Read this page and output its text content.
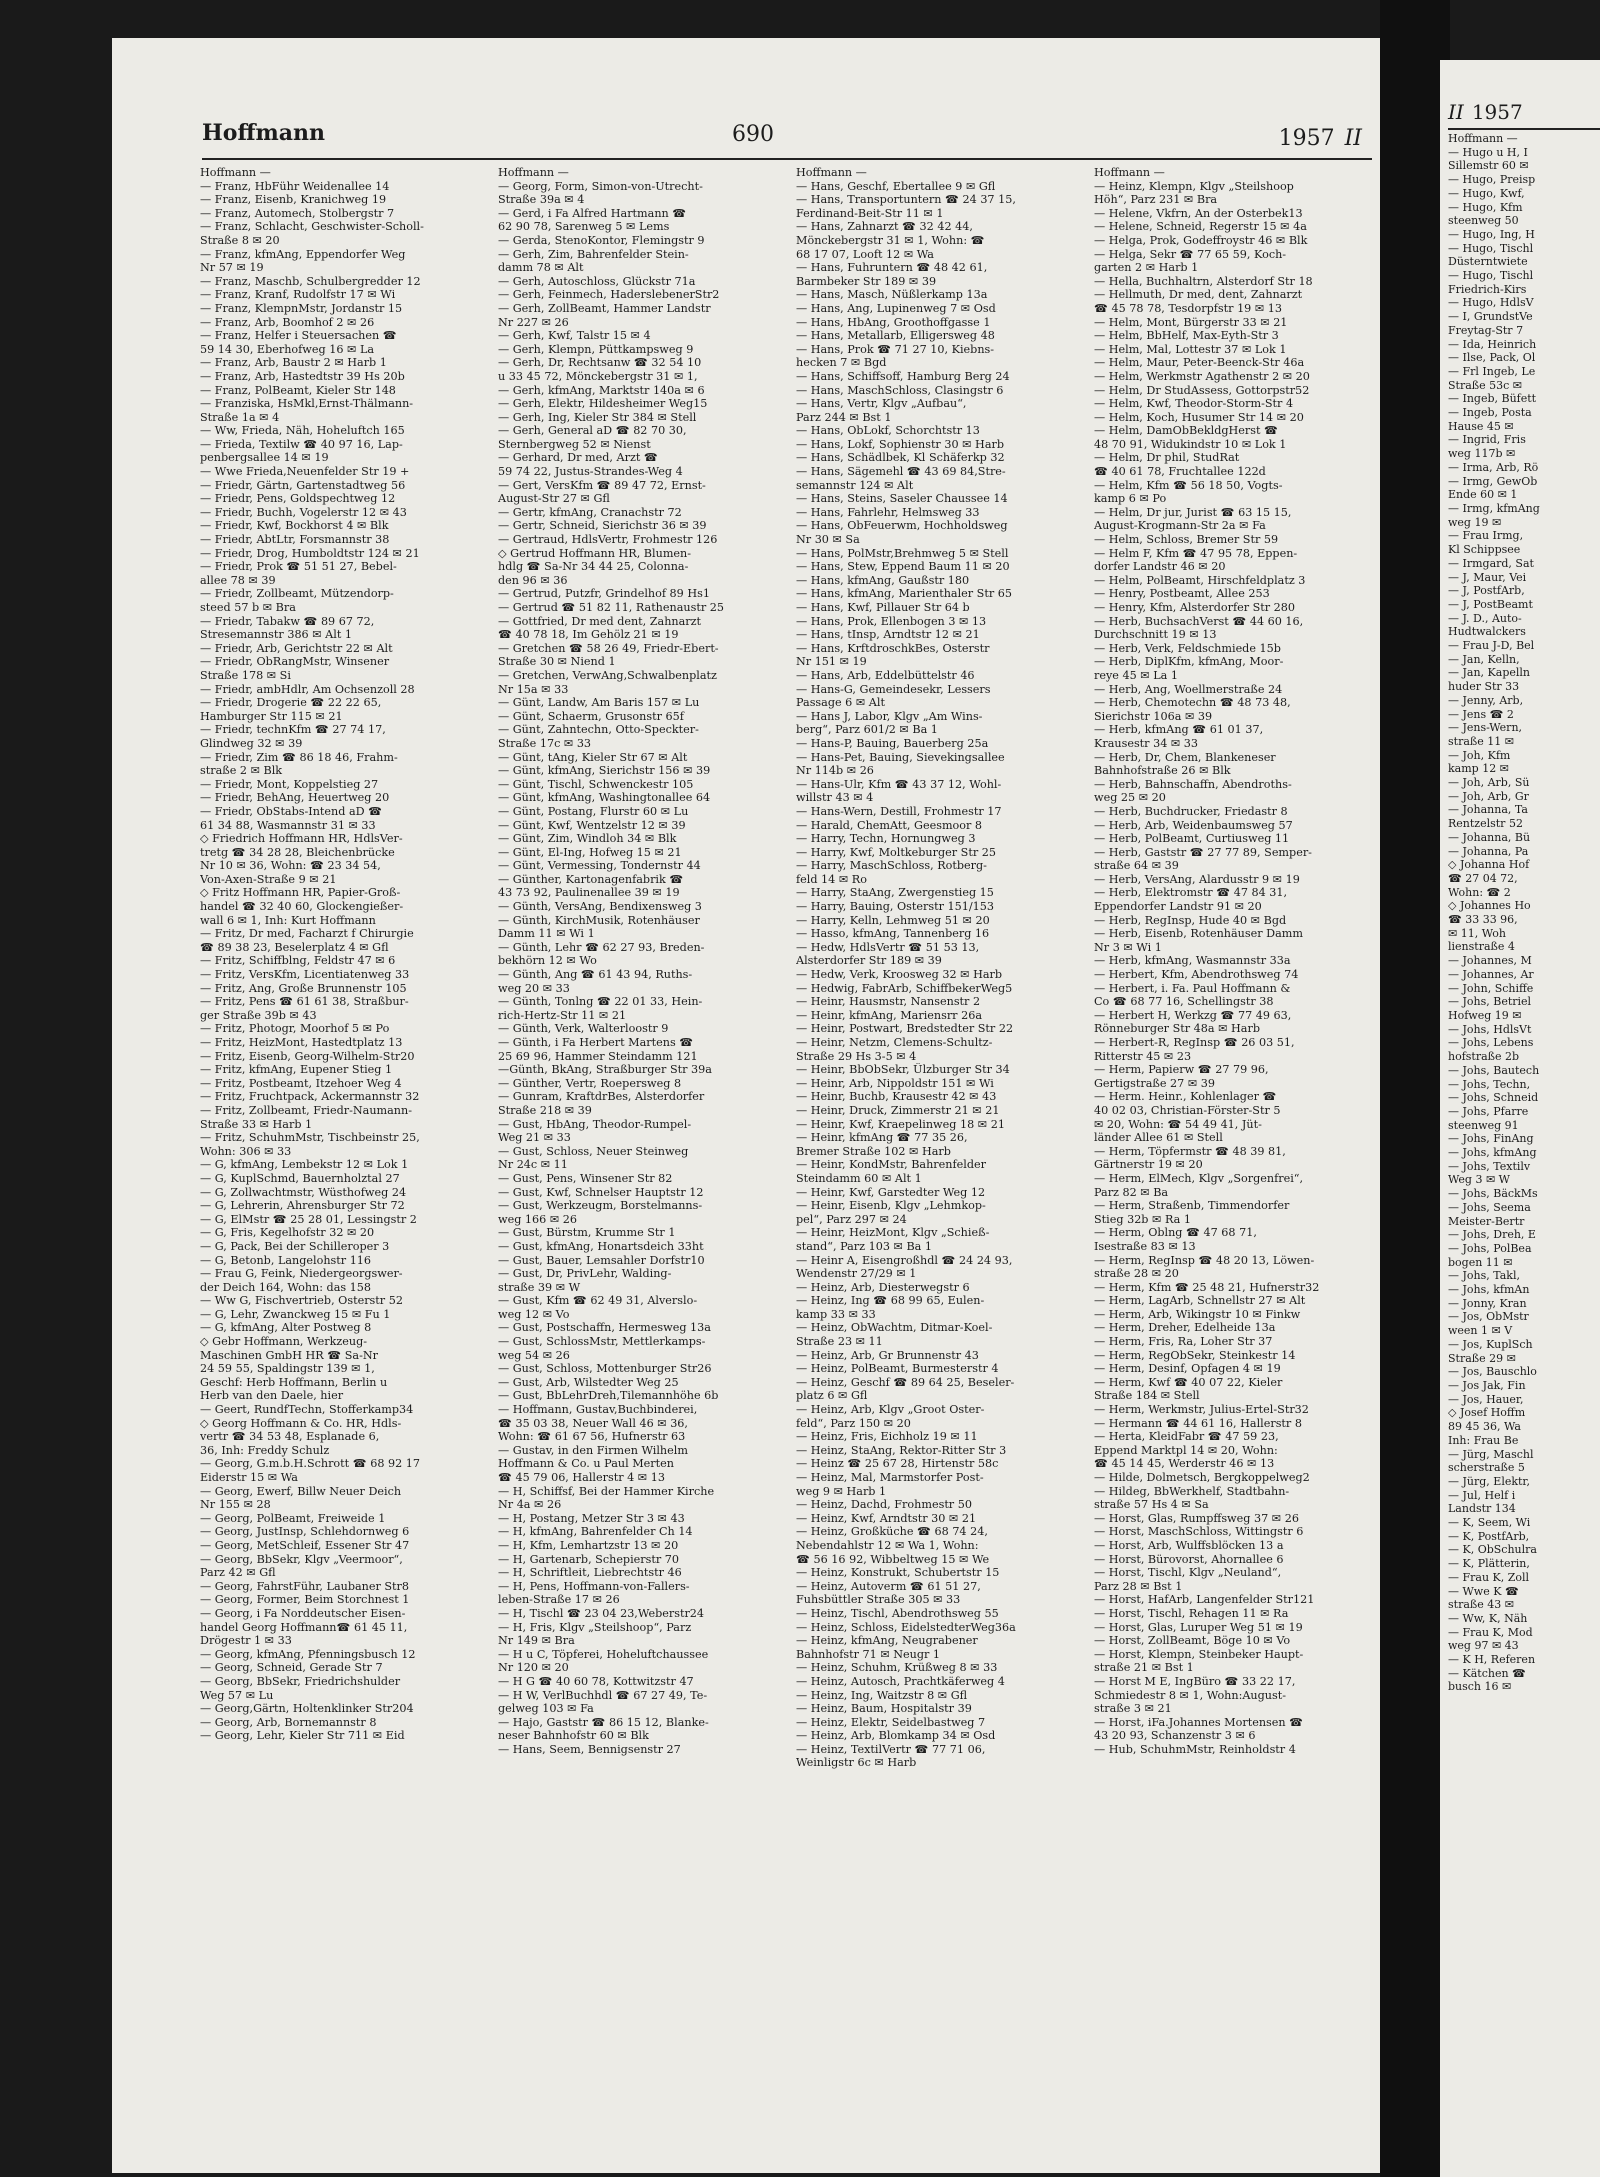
Hoffmann	690	1957 II

Hoffmann —

— Franz, HbFühr Weidenallee 14

— Franz, Eisenb, Kranichweg 19

— Franz, Automech, Stolbergstr 7

— Franz, Schlacht, Geschwister-Scholl-

Straße 8 ✉ 20

— Franz, kfmAng, Eppendorfer Weg

Nr 57 ✉ 19

— Franz, Maschb, Schulbergredder 12

— Franz, Kranf, Rudolfstr 17 ✉ Wi

— Franz, KlempnMstr, Jordanstr 15

— Franz, Arb, Boomhof 2 ✉ 26

— Franz, Helfer i Steuersachen ☎

59 14 30, Eberhofweg 16 ✉ La

— Franz, Arb, Baustr 2 ✉ Harb 1

— Franz, Arb, Hastedtstr 39 Hs 20b

— Franz, PolBeamt, Kieler Str 148

— Franziska, HsMkl,Ernst-Thälmann-

Straße 1a ✉ 4

— Ww, Frieda, Näh, Hoheluftch 165

— Frieda, Textilw ☎ 40 97 16, Lap-

penbergsallee 14 ✉ 19

— Wwe Frieda,Neuenfelder Str 19 +

— Friedr, Gärtn, Gartenstadtweg 56

— Friedr, Pens, Goldspechtweg 12

— Friedr, Buchh, Vogelerstr 12 ✉ 43

— Friedr, Kwf, Bockhorst 4 ✉ Blk

— Friedr, AbtLtr, Forsmannstr 38

— Friedr, Drog, Humboldtstr 124 ✉ 21

— Friedr, Prok ☎ 51 51 27, Bebel-

allee 78 ✉ 39

— Friedr, Zollbeamt, Mützendorp-

steed 57 b ✉ Bra

— Friedr, Tabakw ☎ 89 67 72,

Stresemannstr 386 ✉ Alt 1

— Friedr, Arb, Gerichtstr 22 ✉ Alt

— Friedr, ObRangMstr, Winsener

Straße 178 ✉ Si

— Friedr, ambHdlr, Am Ochsenzoll 28

— Friedr, Drogerie ☎ 22 22 65,

Hamburger Str 115 ✉ 21

— Friedr, technKfm ☎ 27 74 17,

Glindweg 32 ✉ 39

— Friedr, Zim ☎ 86 18 46, Frahm-

straße 2 ✉ Blk

— Friedr, Mont, Koppelstieg 27

— Friedr, BehAng, Heuertweg 20

— Friedr, ObStabs-Intend aD ☎

61 34 88, Wasmannstr 31 ✉ 33

◇ Friedrich Hoffmann HR, HdlsVer-

tretg ☎ 34 28 28, Bleichenbrücke

Nr 10 ✉ 36, Wohn: ☎ 23 34 54,

Von-Axen-Straße 9 ✉ 21

◇ Fritz Hoffmann HR, Papier-Groß-

handel ☎ 32 40 60, Glockengießer-

wall 6 ✉ 1, Inh: Kurt Hoffmann

— Fritz, Dr med, Facharzt f Chirurgie

☎ 89 38 23, Beselerplatz 4 ✉ Gfl

— Fritz, Schiffblng, Feldstr 47 ✉ 6

— Fritz, VersKfm, Licentiatenweg 33

— Fritz, Ang, Große Brunnenstr 105

— Fritz, Pens ☎ 61 61 38, Straßbur-

ger Straße 39b ✉ 43

— Fritz, Photogr, Moorhof 5 ✉ Po

— Fritz, HeizMont, Hastedtplatz 13

— Fritz, Eisenb, Georg-Wilhelm-Str20

— Fritz, kfmAng, Eupener Stieg 1

— Fritz, Postbeamt, Itzehoer Weg 4

— Fritz, Fruchtpack, Ackermannstr 32

— Fritz, Zollbeamt, Friedr-Naumann-

Straße 33 ✉ Harb 1

— Fritz, SchuhmMstr, Tischbeinstr 25,

Wohn: 306 ✉ 33

— G, kfmAng, Lembekstr 12 ✉ Lok 1

— G, KuplSchmd, Bauernholztal 27

— G, Zollwachtmstr, Wüsthofweg 24

— G, Lehrerin, Ahrensburger Str 72

— G, ElMstr ☎ 25 28 01, Lessingstr 2

— G, Fris, Kegelhofstr 32 ✉ 20

— G, Pack, Bei der Schilleroper 3

— G, Betonb, Langelohstr 116

— Frau G, Feink, Niedergeorgswer-

der Deich 164, Wohn: das 158

— Ww G, Fischvertrieb, Osterstr 52

— G, Lehr, Zwanckweg 15 ✉ Fu 1

— G, kfmAng, Alter Postweg 8

◇ Gebr Hoffmann, Werkzeug-

Maschinen GmbH HR ☎ Sa-Nr

24 59 55, Spaldingstr 139 ✉ 1,

Geschf: Herb Hoffmann, Berlin u

Herb van den Daele, hier

— Geert, RundfTechn, Stofferkamp34

◇ Georg Hoffmann & Co. HR, Hdls-

vertr ☎ 34 53 48, Esplanade 6,

36, Inh: Freddy Schulz

— Georg, G.m.b.H.Schrott ☎ 68 92 17

Eiderstr 15 ✉ Wa

— Georg, Ewerf, Billw Neuer Deich

Nr 155 ✉ 28

— Georg, PolBeamt, Freiweide 1

— Georg, JustInsp, Schlehdornweg 6

— Georg, MetSchleif, Essener Str 47

— Georg, BbSekr, Klgv „Veermoor“,

Parz 42 ✉ Gfl

— Georg, FahrstFühr, Laubaner Str8

— Georg, Former, Beim Storchnest 1

— Georg, i Fa Norddeutscher Eisen-

handel Georg Hoffmann☎ 61 45 11,

Drögestr 1 ✉ 33

— Georg, kfmAng, Pfenningsbusch 12

— Georg, Schneid, Gerade Str 7

— Georg, BbSekr, Friedrichshulder

Weg 57 ✉ Lu

— Georg,Gärtn, Holtenklinker Str204

— Georg, Arb, Bornemannstr 8

— Georg, Lehr, Kieler Str 711 ✉ Eid

Hoffmann —

— Georg, Form, Simon-von-Utrecht-

Straße 39a ✉ 4

— Gerd, i Fa Alfred Hartmann ☎

62 90 78, Sarenweg 5 ✉ Lems

— Gerda, StenoKontor, Flemingstr 9

— Gerh, Zim, Bahrenfelder Stein-

damm 78 ✉ Alt

— Gerh, Autoschloss, Glückstr 71a

— Gerh, Feinmech, HaderslebenerStr2

— Gerh, ZollBeamt, Hammer Landstr

Nr 227 ✉ 26

— Gerh, Kwf, Talstr 15 ✉ 4

— Gerh, Klempn, Püttkampsweg 9

— Gerh, Dr, Rechtsanw ☎ 32 54 10

u 33 45 72, Mönckebergstr 31 ✉ 1,

— Gerh, kfmAng, Marktstr 140a ✉ 6

— Gerh, Elektr, Hildesheimer Weg15

— Gerh, Ing, Kieler Str 384 ✉ Stell

— Gerh, General aD ☎ 82 70 30,

Sternbergweg 52 ✉ Nienst

— Gerhard, Dr med, Arzt ☎

59 74 22, Justus-Strandes-Weg 4

— Gert, VersKfm ☎ 89 47 72, Ernst-

August-Str 27 ✉ Gfl

— Gertr, kfmAng, Cranachstr 72

— Gertr, Schneid, Sierichstr 36 ✉ 39

— Gertraud, HdlsVertr, Frohmestr 126

◇ Gertrud Hoffmann HR, Blumen-

hdlg ☎ Sa-Nr 34 44 25, Colonna-

den 96 ✉ 36

— Gertrud, Putzfr, Grindelhof 89 Hs1

— Gertrud ☎ 51 82 11, Rathenaustr 25

— Gottfried, Dr med dent, Zahnarzt

☎ 40 78 18, Im Gehölz 21 ✉ 19

— Gretchen ☎ 58 26 49, Friedr-Ebert-

Straße 30 ✉ Niend 1

— Gretchen, VerwAng,Schwalbenplatz

Nr 15a ✉ 33

— Günt, Landw, Am Baris 157 ✉ Lu

— Günt, Schaerm, Grusonstr 65f

— Günt, Zahntechn, Otto-Speckter-

Straße 17c ✉ 33

— Günt, tAng, Kieler Str 67 ✉ Alt

— Günt, kfmAng, Sierichstr 156 ✉ 39

— Günt, Tischl, Schwenckestr 105

— Günt, kfmAng, Washingtonallee 64

— Günt, Postang, Flurstr 60 ✉ Lu

— Günt, Kwf, Wentzelstr 12 ✉ 39

— Günt, Zim, Windloh 34 ✉ Blk

— Günt, El-Ing, Hofweg 15 ✉ 21

— Günt, Vermessing, Tondernstr 44

— Günther, Kartonagenfabrik ☎

43 73 92, Paulinenallee 39 ✉ 19

— Günth, VersAng, Bendixensweg 3

— Günth, KirchMusik, Rotenhäuser

Damm 11 ✉ Wi 1

— Günth, Lehr ☎ 62 27 93, Breden-

bekhörn 12 ✉ Wo

— Günth, Ang ☎ 61 43 94, Ruths-

weg 20 ✉ 33

— Günth, Tonlng ☎ 22 01 33, Hein-

rich-Hertz-Str 11 ✉ 21

— Günth, Verk, Walterloostr 9

— Günth, i Fa Herbert Martens ☎

25 69 96, Hammer Steindamm 121

—Günth, BkAng, Straßburger Str 39a

— Günther, Vertr, Roepersweg 8

— Gunram, KraftdrBes, Alsterdorfer

Straße 218 ✉ 39

— Gust, HbAng, Theodor-Rumpel-

Weg 21 ✉ 33

— Gust, Schloss, Neuer Steinweg

Nr 24c ✉ 11

— Gust, Pens, Winsener Str 82

— Gust, Kwf, Schnelser Hauptstr 12

— Gust, Werkzeugm, Borstelmanns-

weg 166 ✉ 26

— Gust, Bürstm, Krumme Str 1

— Gust, kfmAng, Honartsdeich 33ht

— Gust, Bauer, Lemsahler Dorfstr10

— Gust, Dr, PrivLehr, Walding-

straße 39 ✉ W

— Gust, Kfm ☎ 62 49 31, Alverslo-

weg 12 ✉ Vo

— Gust, Postschaffn, Hermesweg 13a

— Gust, SchlossMstr, Mettlerkamps-

weg 54 ✉ 26

— Gust, Schloss, Mottenburger Str26

— Gust, Arb, Wilstedter Weg 25

— Gust, BbLehrDreh,Tilemannhöhe 6b

— Hoffmann, Gustav,Buchbinderei,

☎ 35 03 38, Neuer Wall 46 ✉ 36,

Wohn: ☎ 61 67 56, Hufnerstr 63

— Gustav, in den Firmen Wilhelm

Hoffmann & Co. u Paul Merten

☎ 45 79 06, Hallerstr 4 ✉ 13

— H, Schiffsf, Bei der Hammer Kirche

Nr 4a ✉ 26

— H, Postang, Metzer Str 3 ✉ 43

— H, kfmAng, Bahrenfelder Ch 14

— H, Kfm, Lemhartzstr 13 ✉ 20

— H, Gartenarb, Schepierstr 70

— H, Schriftleit, Liebrechtstr 46

— H, Pens, Hoffmann-von-Fallers-

leben-Straße 17 ✉ 26

— H, Tischl ☎ 23 04 23,Weberstr24

— H, Fris, Klgv „Steilshoop“, Parz

Nr 149 ✉ Bra

— H u C, Töpferei, Hoheluftchaussee

Nr 120 ✉ 20

— H G ☎ 40 60 78, Kottwitzstr 47

— H W, VerlBuchhdl ☎ 67 27 49, Te-

gelweg 103 ✉ Fa

— Hajo, Gaststr ☎ 86 15 12, Blanke-

neser Bahnhofstr 60 ✉ Blk

— Hans, Seem, Bennigsenstr 27

Hoffmann —

— Hans, Geschf, Ebertallee 9 ✉ Gfl

— Hans, Transportuntern ☎ 24 37 15,

Ferdinand-Beit-Str 11 ✉ 1

— Hans, Zahnarzt ☎ 32 42 44,

Mönckebergstr 31 ✉ 1, Wohn: ☎

68 17 07, Looft 12 ✉ Wa

— Hans, Fuhruntern ☎ 48 42 61,

Barmbeker Str 189 ✉ 39

— Hans, Masch, Nüßlerkamp 13a

— Hans, Ang, Lupinenweg 7 ✉ Osd

— Hans, HbAng, Groothoffgasse 1

— Hans, Metallarb, Elligersweg 48

— Hans, Prok ☎ 71 27 10, Kiebns-

hecken 7 ✉ Bgd

— Hans, Schiffsoff, Hamburg Berg 24

— Hans, MaschSchloss, Clasingstr 6

— Hans, Vertr, Klgv „Aufbau“,

Parz 244 ✉ Bst 1

— Hans, ObLokf, Schorchtstr 13

— Hans, Lokf, Sophienstr 30 ✉ Harb

— Hans, Schädlbek, Kl Schäferkp 32

— Hans, Sägemehl ☎ 43 69 84,Stre-

semannstr 124 ✉ Alt

— Hans, Steins, Saseler Chaussee 14

— Hans, Fahrlehr, Helmsweg 33

— Hans, ObFeuerwm, Hochholdsweg

Nr 30 ✉ Sa

— Hans, PolMstr,Brehmweg 5 ✉ Stell

— Hans, Stew, Eppend Baum 11 ✉ 20

— Hans, kfmAng, Gaußstr 180

— Hans, kfmAng, Marienthaler Str 65

— Hans, Kwf, Pillauer Str 64 b

— Hans, Prok, Ellenbogen 3 ✉ 13

— Hans, tInsp, Arndtstr 12 ✉ 21

— Hans, KrftdroschkBes, Osterstr

Nr 151 ✉ 19

— Hans, Arb, Eddelbüttelstr 46

— Hans-G, Gemeindesekr, Lessers

Passage 6 ✉ Alt

— Hans J, Labor, Klgv „Am Wins-

berg“, Parz 601/2 ✉ Ba 1

— Hans-P, Bauing, Bauerberg 25a

— Hans-Pet, Bauing, Sievekingsallee

Nr 114b ✉ 26

— Hans-Ulr, Kfm ☎ 43 37 12, Wohl-

willstr 43 ✉ 4

— Hans-Wern, Destill, Frohmestr 17

— Harald, ChemAtt, Geesmoor 8

— Harry, Techn, Hornungweg 3

— Harry, Kwf, Moltkeburger Str 25

— Harry, MaschSchloss, Rotberg-

feld 14 ✉ Ro

— Harry, StaAng, Zwergenstieg 15

— Harry, Bauing, Osterstr 151/153

— Harry, Kelln, Lehmweg 51 ✉ 20

— Hasso, kfmAng, Tannenberg 16

— Hedw, HdlsVertr ☎ 51 53 13,

Alsterdorfer Str 189 ✉ 39

— Hedw, Verk, Kroosweg 32 ✉ Harb

— Hedwig, FabrArb, SchiffbekerWeg5

— Heinr, Hausmstr, Nansenstr 2

— Heinr, kfmAng, Mariensrr 26a

— Heinr, Postwart, Bredstedter Str 22

— Heinr, Netzm, Clemens-Schultz-

Straße 29 Hs 3-5 ✉ 4

— Heinr, BbObSekr, Ülzburger Str 34

— Heinr, Arb, Nippoldstr 151 ✉ Wi

— Heinr, Buchb, Krausestr 42 ✉ 43

— Heinr, Druck, Zimmerstr 21 ✉ 21

— Heinr, Kwf, Kraepelinweg 18 ✉ 21

— Heinr, kfmAng ☎ 77 35 26,

Bremer Straße 102 ✉ Harb

— Heinr, KondMstr, Bahrenfelder

Steindamm 60 ✉ Alt 1

— Heinr, Kwf, Garstedter Weg 12

— Heinr, Eisenb, Klgv „Lehmkop-

pel“, Parz 297 ✉ 24

— Heinr, HeizMont, Klgv „Schieß-

stand“, Parz 103 ✉ Ba 1

— Heinr A, Eisengroßhdl ☎ 24 24 93,

Wendenstr 27/29 ✉ 1

— Heinz, Arb, Diesterwegstr 6

— Heinz, Ing ☎ 68 99 65, Eulen-

kamp 33 ✉ 33

— Heinz, ObWachtm, Ditmar-Koel-

Straße 23 ✉ 11

— Heinz, Arb, Gr Brunnenstr 43

— Heinz, PolBeamt, Burmesterstr 4

— Heinz, Geschf ☎ 89 64 25, Beseler-

platz 6 ✉ Gfl

— Heinz, Arb, Klgv „Groot Oster-

feld“, Parz 150 ✉ 20

— Heinz, Fris, Eichholz 19 ✉ 11

— Heinz, StaAng, Rektor-Ritter Str 3

— Heinz ☎ 25 67 28, Hirtenstr 58c

— Heinz, Mal, Marmstorfer Post-

weg 9 ✉ Harb 1

— Heinz, Dachd, Frohmestr 50

— Heinz, Kwf, Arndtstr 30 ✉ 21

— Heinz, Großküche ☎ 68 74 24,

Nebendahlstr 12 ✉ Wa 1, Wohn:

☎ 56 16 92, Wibbeltweg 15 ✉ We

— Heinz, Konstrukt, Schubertstr 15

— Heinz, Autoverm ☎ 61 51 27,

Fuhsbüttler Straße 305 ✉ 33

— Heinz, Tischl, Abendrothsweg 55

— Heinz, Schloss, EidelstedterWeg36a

— Heinz, kfmAng, Neugrabener

Bahnhofstr 71 ✉ Neugr 1

— Heinz, Schuhm, Krüßweg 8 ✉ 33

— Heinz, Autosch, Prachtkäferweg 4

— Heinz, Ing, Waitzstr 8 ✉ Gfl

— Heinz, Baum, Hospitalstr 39

— Heinz, Elektr, Seidelbastweg 7

— Heinz, Arb, Blomkamp 34 ✉ Osd

— Heinz, TextilVertr ☎ 77 71 06,

Weinligstr 6c ✉ Harb

Hoffmann —

— Heinz, Klempn, Klgv „Steilshoop

Höh“, Parz 231 ✉ Bra

— Helene, Vkfrn, An der Osterbek13

— Helene, Schneid, Regerstr 15 ✉ 4a

— Helga, Prok, Godeffroystr 46 ✉ Blk

— Helga, Sekr ☎ 77 65 59, Koch-

garten 2 ✉ Harb 1

— Hella, Buchhaltrn, Alsterdorf Str 18

— Hellmuth, Dr med, dent, Zahnarzt

☎ 45 78 78, Tesdorpfstr 19 ✉ 13

— Helm, Mont, Bürgerstr 33 ✉ 21

— Helm, BbHelf, Max-Eyth-Str 3

— Helm, Mal, Lottestr 37 ✉ Lok 1

— Helm, Maur, Peter-Beenck-Str 46a

— Helm, Werkmstr Agathenstr 2 ✉ 20

— Helm, Dr StudAssess, Gottorpstr52

— Helm, Kwf, Theodor-Storm-Str 4

— Helm, Koch, Husumer Str 14 ✉ 20

— Helm, DamObBekldgHerst ☎

48 70 91, Widukindstr 10 ✉ Lok 1

— Helm, Dr phil, StudRat

☎ 40 61 78, Fruchtallee 122d

— Helm, Kfm ☎ 56 18 50, Vogts-

kamp 6 ✉ Po

— Helm, Dr jur, Jurist ☎ 63 15 15,

August-Krogmann-Str 2a ✉ Fa

— Helm, Schloss, Bremer Str 59

— Helm F, Kfm ☎ 47 95 78, Eppen-

dorfer Landstr 46 ✉ 20

— Helm, PolBeamt, Hirschfeldplatz 3

— Henry, Postbeamt, Allee 253

— Henry, Kfm, Alsterdorfer Str 280

— Herb, BuchsachVerst ☎ 44 60 16,

Durchschnitt 19 ✉ 13

— Herb, Verk, Feldschmiede 15b

— Herb, DiplKfm, kfmAng, Moor-

reye 45 ✉ La 1

— Herb, Ang, Woellmerstraße 24

— Herb, Chemotechn ☎ 48 73 48,

Sierichstr 106a ✉ 39

— Herb, kfmAng ☎ 61 01 37,

Krausestr 34 ✉ 33

— Herb, Dr, Chem, Blankeneser

Bahnhofstraße 26 ✉ Blk

— Herb, Bahnschaffn, Abendroths-

weg 25 ✉ 20

— Herb, Buchdrucker, Friedastr 8

— Herb, Arb, Weidenbaumsweg 57

— Herb, PolBeamt, Curtiusweg 11

— Herb, Gaststr ☎ 27 77 89, Semper-

straße 64 ✉ 39

— Herb, VersAng, Alardusstr 9 ✉ 19

— Herb, Elektromstr ☎ 47 84 31,

Eppendorfer Landstr 91 ✉ 20

— Herb, RegInsp, Hude 40 ✉ Bgd

— Herb, Eisenb, Rotenhäuser Damm

Nr 3 ✉ Wi 1

— Herb, kfmAng, Wasmannstr 33a

— Herbert, Kfm, Abendrothsweg 74

— Herbert, i. Fa. Paul Hoffmann &

Co ☎ 68 77 16, Schellingstr 38

— Herbert H, Werkzg ☎ 77 49 63,

Rönneburger Str 48a ✉ Harb

— Herbert-R, RegInsp ☎ 26 03 51,

Ritterstr 45 ✉ 23

— Herm, Papierw ☎ 27 79 96,

Gertigstraße 27 ✉ 39

— Herm. Heinr., Kohlenlager ☎

40 02 03, Christian-Förster-Str 5

✉ 20, Wohn: ☎ 54 49 41, Jüt-

länder Allee 61 ✉ Stell

— Herm, Töpfermstr ☎ 48 39 81,

Gärtnerstr 19 ✉ 20

— Herm, ElMech, Klgv „Sorgenfrei“,

Parz 82 ✉ Ba

— Herm, Straßenb, Timmendorfer

Stieg 32b ✉ Ra 1

— Herm, Oblng ☎ 47 68 71,

Isestraße 83 ✉ 13

— Herm, RegInsp ☎ 48 20 13, Löwen-

straße 28 ✉ 20

— Herm, Kfm ☎ 25 48 21, Hufnerstr32

— Herm, LagArb, Schnellstr 27 ✉ Alt

— Herm, Arb, Wikingstr 10 ✉ Finkw

— Herm, Dreher, Edelheide 13a

— Herm, Fris, Ra, Loher Str 37

— Herm, RegObSekr, Steinkestr 14

— Herm, Desinf, Opfagen 4 ✉ 19

— Herm, Kwf ☎ 40 07 22, Kieler

Straße 184 ✉ Stell

— Herm, Werkmstr, Julius-Ertel-Str32

— Hermann ☎ 44 61 16, Hallerstr 8

— Herta, KleidFabr ☎ 47 59 23,

Eppend Marktpl 14 ✉ 20, Wohn:

☎ 45 14 45, Werderstr 46 ✉ 13

— Hilde, Dolmetsch, Bergkoppelweg2

— Hildeg, BbWerkhelf, Stadtbahn-

straße 57 Hs 4 ✉ Sa

— Horst, Glas, Rumpffsweg 37 ✉ 26

— Horst, MaschSchloss, Wittingstr 6

— Horst, Arb, Wulffsblöcken 13 a

— Horst, Bürovorst, Ahornallee 6

— Horst, Tischl, Klgv „Neuland“,

Parz 28 ✉ Bst 1

— Horst, HafArb, Langenfelder Str121

— Horst, Tischl, Rehagen 11 ✉ Ra

— Horst, Glas, Luruper Weg 51 ✉ 19

— Horst, ZollBeamt, Böge 10 ✉ Vo

— Horst, Klempn, Steinbeker Haupt-

straße 21 ✉ Bst 1

— Horst M E, IngBüro ☎ 33 22 17,

Schmiedestr 8 ✉ 1, Wohn:August-

straße 3 ✉ 21

— Horst, iFa.Johannes Mortensen ☎

43 20 93, Schanzenstr 3 ✉ 6

— Hub, SchuhmMstr, Reinholdstr 4

II 1957

Hoffmann —

— Hugo u H, I

Sillemstr 60 ✉

— Hugo, Preisp

— Hugo, Kwf,

— Hugo, Kfm

steenweg 50

— Hugo, Ing, H

— Hugo, Tischl

Düsterntwiete

— Hugo, Tischl

Friedrich-Kirs

— Hugo, HdlsV

— I, GrundstVe

Freytag-Str 7

— Ida, Heinrich

— Ilse, Pack, Ol

— Frl Ingeb, Le

Straße 53c ✉

— Ingeb, Büfett

— Ingeb, Posta

Hause 45 ✉

— Ingrid, Fris

weg 117b ✉

— Irma, Arb, Rö

— Irmg, GewOb

Ende 60 ✉ 1

— Irmg, kfmAng

weg 19 ✉

— Frau Irmg,

Kl Schippsee

— Irmgard, Sat

— J, Maur, Vei

— J, PostfArb,

— J, PostBeamt

— J. D., Auto-

Hudtwalckers

— Frau J-D, Bel

— Jan, Kelln,

— Jan, Kapelln

huder Str 33

— Jenny, Arb,

— Jens ☎ 2

— Jens-Wern,

straße 11 ✉

— Joh, Kfm

kamp 12 ✉

— Joh, Arb, Sü

— Joh, Arb, Gr

— Johanna, Ta

Rentzelstr 52

— Johanna, Bü

— Johanna, Pa

◇ Johanna Hof

☎ 27 04 72,

Wohn: ☎ 2

◇ Johannes Ho

☎ 33 33 96,

✉ 11, Woh

lienstraße 4

— Johannes, M

— Johannes, Ar

— John, Schiffe

— Johs, Betriel

Hofweg 19 ✉

— Johs, HdlsVt

— Johs, Lebens

hofstraße 2b

— Johs, Bautech

— Johs, Techn,

— Johs, Schneid

— Johs, Pfarre

steenweg 91

— Johs, FinAng

— Johs, kfmAng

— Johs, Textilv

Weg 3 ✉ W

— Johs, BäckMs

— Johs, Seema

Meister-Bertr

— Johs, Dreh, E

— Johs, PolBea

bogen 11 ✉

— Johs, Takl,

— Johs, kfmAn

— Jonny, Kran

— Jos, ObMstr

ween 1 ✉ V

— Jos, KuplSch

Straße 29 ✉

— Jos, Bauschlo

— Jos Jak, Fin

— Jos, Hauer,

◇ Josef Hoffm

89 45 36, Wa

Inh: Frau Be

— Jürg, Maschl

scherstraße 5

— Jürg, Elektr,

— Jul, Helf i

Landstr 134

— K, Seem, Wi

— K, PostfArb,

— K, ObSchulra

— K, Plätterin,

— Frau K, Zoll

— Wwe K ☎

straße 43 ✉

— Ww, K, Näh

— Frau K, Mod

weg 97 ✉ 43

— K H, Referen

— Kätchen ☎

busch 16 ✉
